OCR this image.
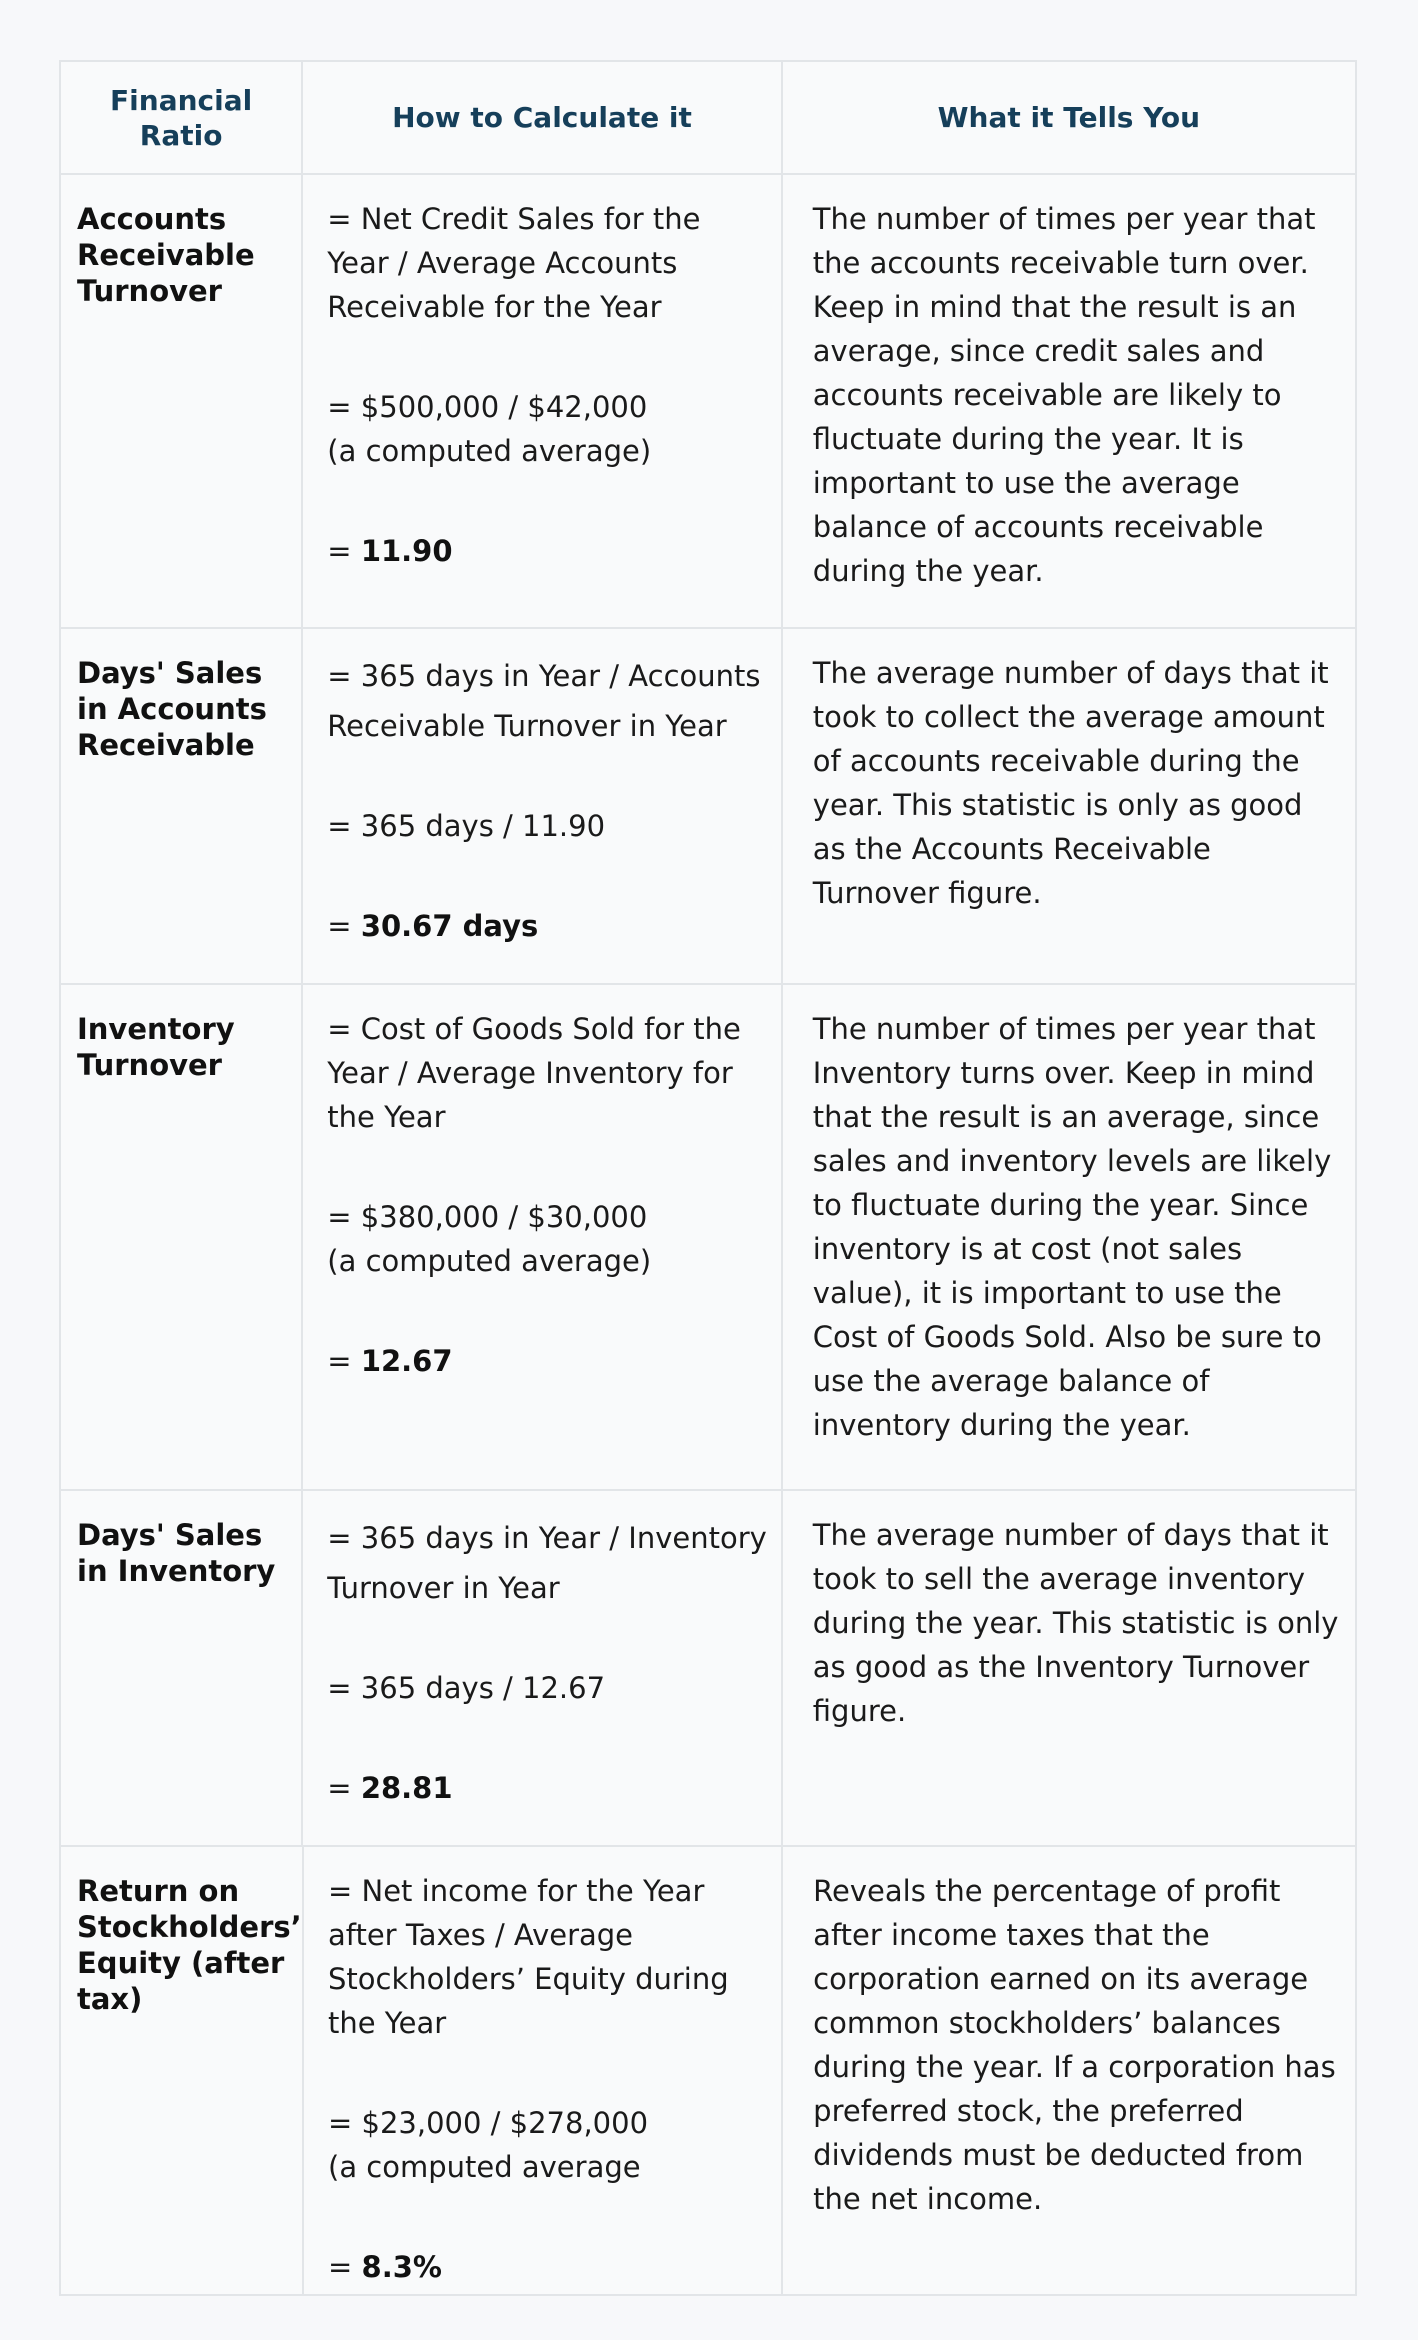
Financial Ratio
How to Calculate it	What it Tells You
Accounts Receivable Turnover
= Net Credit Sales for the Year / Average Accounts Receivable for the Year
= $500,000 / $42,000
(a computed average)
= 11.90
The number of times per year that the accounts receivable turn over. Keep in mind that the result is an average, since credit sales and accounts receivable are likely to fluctuate during the year. It is important to use the average balance of accounts receivable during the year.
Days' Sales in Accounts Receivable
= 365 days in Year / Accounts Receivable Turnover in Year
= 365 days / 11.90
= 30.67 days
The average number of days that it took to collect the average amount of accounts receivable during the year. This statistic is only as good as the Accounts Receivable Turnover figure.
Inventory Turnover
= Cost of Goods Sold for the Year / Average Inventory for the Year
= $380,000 / $30,000
(a computed average)
= 12.67
The number of times per year that Inventory turns over. Keep in mind that the result is an average, since sales and inventory levels are likely to fluctuate during the year. Since inventory is at cost (not sales value), it is important to use the Cost of Goods Sold. Also be sure to use the average balance of inventory during the year.
Days' Sales in Inventory
= 365 days in Year / Inventory Turnover in Year
= 365 days / 12.67
= 28.81
The average number of days that it took to sell the average inventory during the year. This statistic is only as good as the Inventory Turnover figure.
Return on Stockholders’ Equity (after tax)
= Net income for the Year after Taxes / Average Stockholders’ Equity during the Year
= $23,000 / $278,000
(a computed average
= 8.3%
Reveals the percentage of profit after income taxes that the corporation earned on its average common stockholders’ balances during the year. If a corporation has preferred stock, the preferred dividends must be deducted from the net income.
